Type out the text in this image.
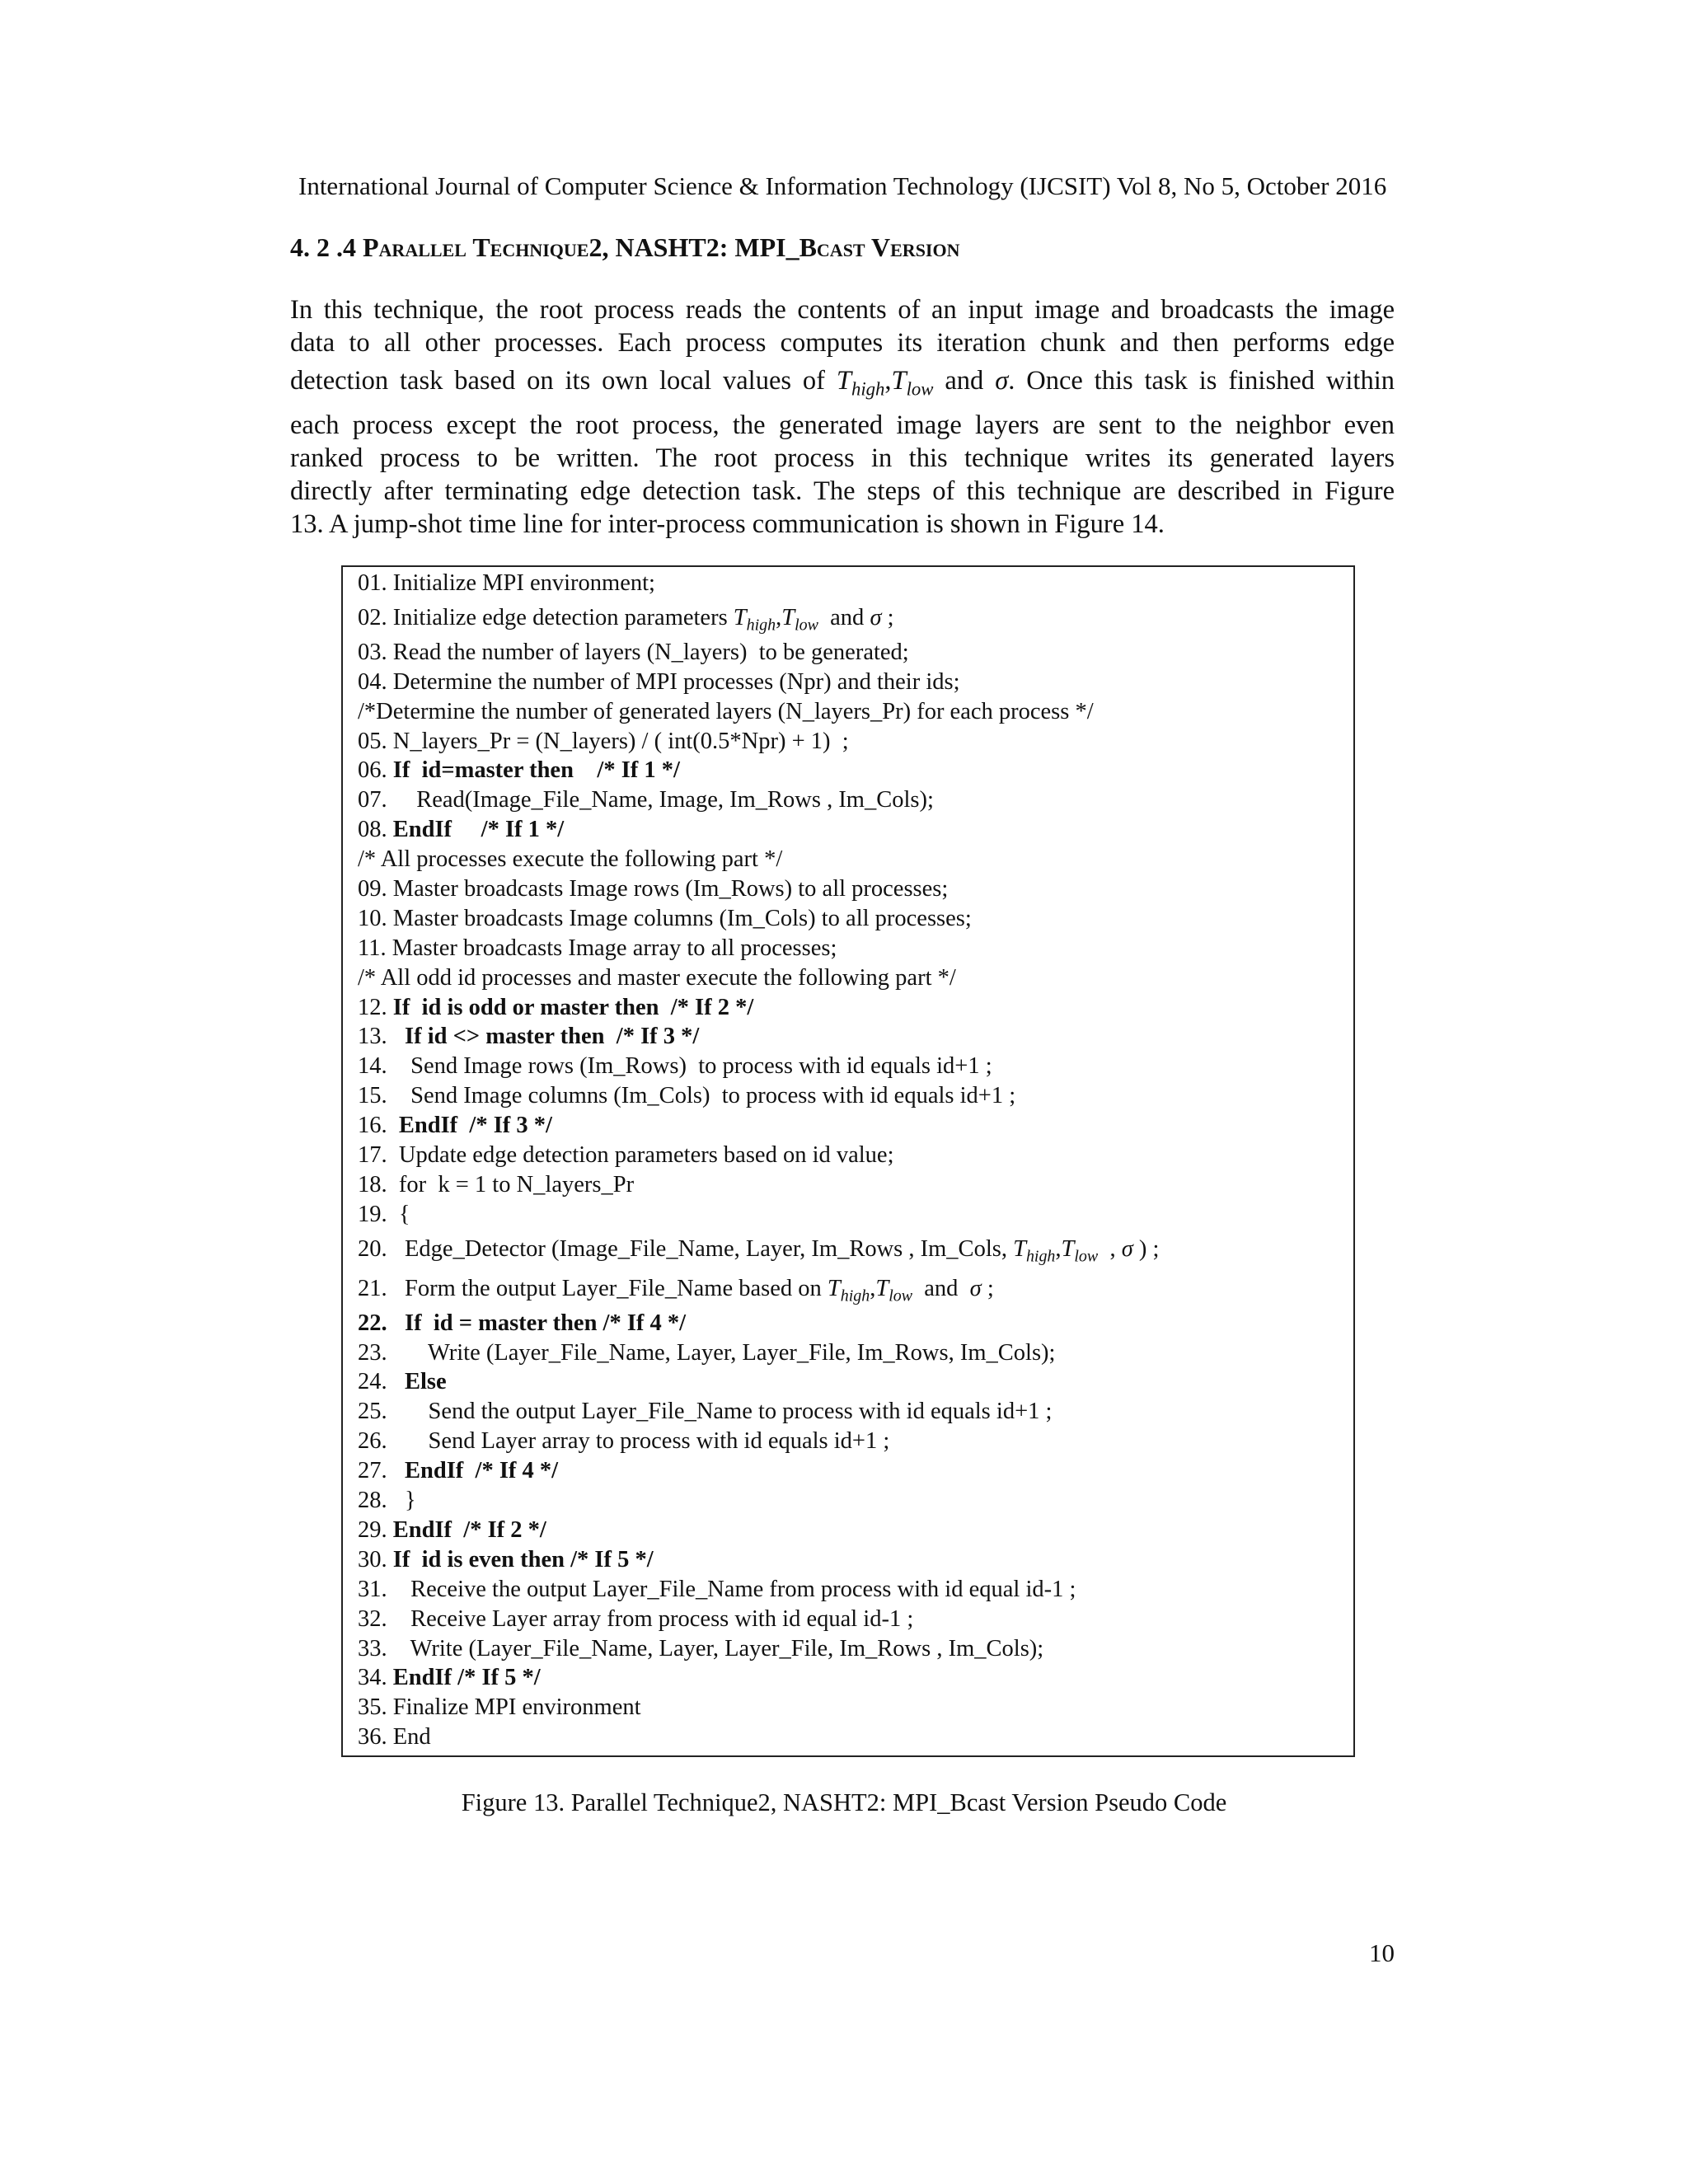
International Journal of Computer Science & Information Technology (IJCSIT) Vol 8, No 5, October 2016
4. 2 .4 Parallel Technique2, NASHT2: MPI_Bcast Version
In this technique, the root process reads the contents of an input image and broadcasts the image
data to all other processes. Each process computes its iteration chunk and then performs edge
detection task based on its own local values of $T_{high},T_{low}$ and σ. Once this task is finished within
each process except the root process, the generated image layers are sent to the neighbor even
ranked process to be written. The root process in this technique writes its generated layers
directly after terminating edge detection task. The steps of this technique are described in Figure
13. A jump-shot time line for inter-process communication is shown in Figure 14.
01. Initialize MPI environment;
02. Initialize edge detection parameters $T_{high},T_{low}$  and σ ;
03. Read the number of layers (N_layers)  to be generated;
04. Determine the number of MPI processes (Npr) and their ids;
/*Determine the number of generated layers (N_layers_Pr) for each process */
05. N_layers_Pr = (N_layers) / ( int(0.5*Npr) + 1)  ;
06. If  id=master then    /* If 1 */
07.     Read(Image_File_Name, Image, Im_Rows , Im_Cols);
08. EndIf     /* If 1 */
/* All processes execute the following part */
09. Master broadcasts Image rows (Im_Rows) to all processes;
10. Master broadcasts Image columns (Im_Cols) to all processes;
11. Master broadcasts Image array to all processes;
/* All odd id processes and master execute the following part */
12. If  id is odd or master then  /* If 2 */
13.   If id <> master then  /* If 3 */
14.    Send Image rows (Im_Rows)  to process with id equals id+1 ;
15.    Send Image columns (Im_Cols)  to process with id equals id+1 ;
16.  EndIf  /* If 3 */
17.  Update edge detection parameters based on id value;
18.  for  k = 1 to N_layers_Pr
19.  {
20.   Edge_Detector (Image_File_Name, Layer, Im_Rows , Im_Cols, $T_{high},T_{low}$  , σ ) ;
21.   Form the output Layer_File_Name based on $T_{high},T_{low}$  and  σ ;
22.   If  id = master then /* If 4 */
23.       Write (Layer_File_Name, Layer, Layer_File, Im_Rows, Im_Cols);
24.   Else
25.       Send the output Layer_File_Name to process with id equals id+1 ;
26.       Send Layer array to process with id equals id+1 ;
27.   EndIf  /* If 4 */
28.   }
29. EndIf  /* If 2 */
30. If  id is even then /* If 5 */
31.    Receive the output Layer_File_Name from process with id equal id-1 ;
32.    Receive Layer array from process with id equal id-1 ;
33.    Write (Layer_File_Name, Layer, Layer_File, Im_Rows , Im_Cols);
34. EndIf /* If 5 */
35. Finalize MPI environment
36. End
Figure 13. Parallel Technique2, NASHT2: MPI_Bcast Version Pseudo Code
10
